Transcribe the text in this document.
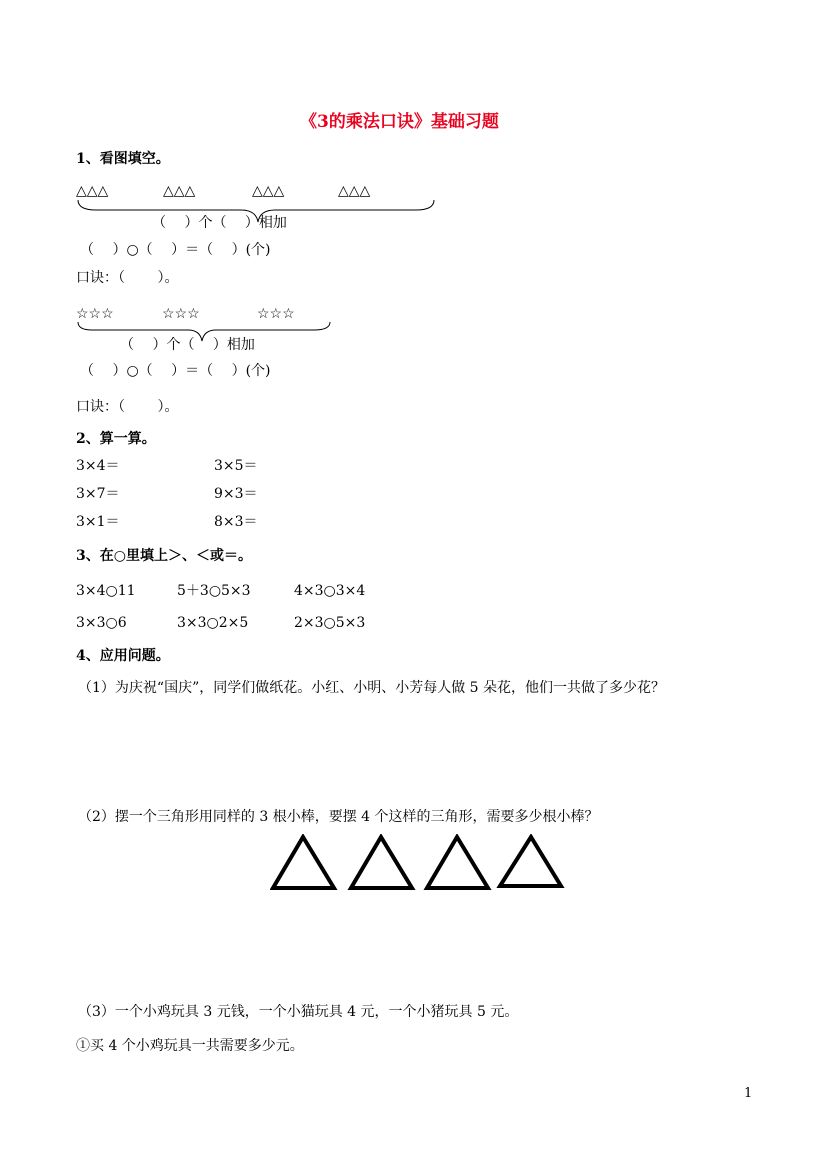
《3的乘法口诀》基础习题
1、看图填空。
△△△	△△△	△△△	△△△
（　 ）个（　 ）相加
（　 ）○（　 ）＝（　 ）(个)
口诀：（　　 ）。
☆☆☆	☆☆☆	☆☆☆
（　 ）个（　 ）相加
（　 ）○（　 ）＝（　 ）(个)
口诀：（　　 ）。
2、算一算。
3×4＝	3×5＝
3×7＝	9×3＝
3×1＝	8×3＝
3、在○里填上＞、＜或＝。
3×4○11	5＋3○5×3	4×3○3×4
3×3○6	3×3○2×5	2×3○5×3
4、应用问题。
（1）为庆祝“国庆”，同学们做纸花。小红、小明、小芳每人做 5 朵花，他们一共做了多少花？
（2）摆一个三角形用同样的 3 根小棒，要摆 4 个这样的三角形，需要多少根小棒？
（3）一个小鸡玩具 3 元钱，一个小猫玩具 4 元，一个小猪玩具 5 元。
①买 4 个小鸡玩具一共需要多少元。
1
